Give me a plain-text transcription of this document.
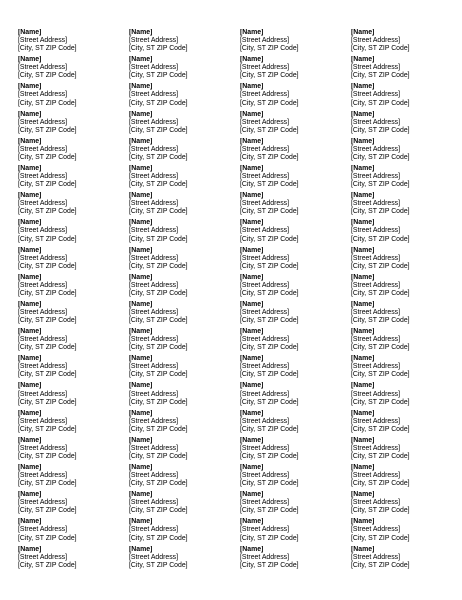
[Name]
[Street Address]
[City, ST ZIP Code]
[Name]
[Street Address]
[City, ST ZIP Code]
[Name]
[Street Address]
[City, ST ZIP Code]
[Name]
[Street Address]
[City, ST ZIP Code]
[Name]
[Street Address]
[City, ST ZIP Code]
[Name]
[Street Address]
[City, ST ZIP Code]
[Name]
[Street Address]
[City, ST ZIP Code]
[Name]
[Street Address]
[City, ST ZIP Code]
[Name]
[Street Address]
[City, ST ZIP Code]
[Name]
[Street Address]
[City, ST ZIP Code]
[Name]
[Street Address]
[City, ST ZIP Code]
[Name]
[Street Address]
[City, ST ZIP Code]
[Name]
[Street Address]
[City, ST ZIP Code]
[Name]
[Street Address]
[City, ST ZIP Code]
[Name]
[Street Address]
[City, ST ZIP Code]
[Name]
[Street Address]
[City, ST ZIP Code]
[Name]
[Street Address]
[City, ST ZIP Code]
[Name]
[Street Address]
[City, ST ZIP Code]
[Name]
[Street Address]
[City, ST ZIP Code]
[Name]
[Street Address]
[City, ST ZIP Code]
[Name]
[Street Address]
[City, ST ZIP Code]
[Name]
[Street Address]
[City, ST ZIP Code]
[Name]
[Street Address]
[City, ST ZIP Code]
[Name]
[Street Address]
[City, ST ZIP Code]
[Name]
[Street Address]
[City, ST ZIP Code]
[Name]
[Street Address]
[City, ST ZIP Code]
[Name]
[Street Address]
[City, ST ZIP Code]
[Name]
[Street Address]
[City, ST ZIP Code]
[Name]
[Street Address]
[City, ST ZIP Code]
[Name]
[Street Address]
[City, ST ZIP Code]
[Name]
[Street Address]
[City, ST ZIP Code]
[Name]
[Street Address]
[City, ST ZIP Code]
[Name]
[Street Address]
[City, ST ZIP Code]
[Name]
[Street Address]
[City, ST ZIP Code]
[Name]
[Street Address]
[City, ST ZIP Code]
[Name]
[Street Address]
[City, ST ZIP Code]
[Name]
[Street Address]
[City, ST ZIP Code]
[Name]
[Street Address]
[City, ST ZIP Code]
[Name]
[Street Address]
[City, ST ZIP Code]
[Name]
[Street Address]
[City, ST ZIP Code]
[Name]
[Street Address]
[City, ST ZIP Code]
[Name]
[Street Address]
[City, ST ZIP Code]
[Name]
[Street Address]
[City, ST ZIP Code]
[Name]
[Street Address]
[City, ST ZIP Code]
[Name]
[Street Address]
[City, ST ZIP Code]
[Name]
[Street Address]
[City, ST ZIP Code]
[Name]
[Street Address]
[City, ST ZIP Code]
[Name]
[Street Address]
[City, ST ZIP Code]
[Name]
[Street Address]
[City, ST ZIP Code]
[Name]
[Street Address]
[City, ST ZIP Code]
[Name]
[Street Address]
[City, ST ZIP Code]
[Name]
[Street Address]
[City, ST ZIP Code]
[Name]
[Street Address]
[City, ST ZIP Code]
[Name]
[Street Address]
[City, ST ZIP Code]
[Name]
[Street Address]
[City, ST ZIP Code]
[Name]
[Street Address]
[City, ST ZIP Code]
[Name]
[Street Address]
[City, ST ZIP Code]
[Name]
[Street Address]
[City, ST ZIP Code]
[Name]
[Street Address]
[City, ST ZIP Code]
[Name]
[Street Address]
[City, ST ZIP Code]
[Name]
[Street Address]
[City, ST ZIP Code]
[Name]
[Street Address]
[City, ST ZIP Code]
[Name]
[Street Address]
[City, ST ZIP Code]
[Name]
[Street Address]
[City, ST ZIP Code]
[Name]
[Street Address]
[City, ST ZIP Code]
[Name]
[Street Address]
[City, ST ZIP Code]
[Name]
[Street Address]
[City, ST ZIP Code]
[Name]
[Street Address]
[City, ST ZIP Code]
[Name]
[Street Address]
[City, ST ZIP Code]
[Name]
[Street Address]
[City, ST ZIP Code]
[Name]
[Street Address]
[City, ST ZIP Code]
[Name]
[Street Address]
[City, ST ZIP Code]
[Name]
[Street Address]
[City, ST ZIP Code]
[Name]
[Street Address]
[City, ST ZIP Code]
[Name]
[Street Address]
[City, ST ZIP Code]
[Name]
[Street Address]
[City, ST ZIP Code]
[Name]
[Street Address]
[City, ST ZIP Code]
[Name]
[Street Address]
[City, ST ZIP Code]
[Name]
[Street Address]
[City, ST ZIP Code]
[Name]
[Street Address]
[City, ST ZIP Code]
